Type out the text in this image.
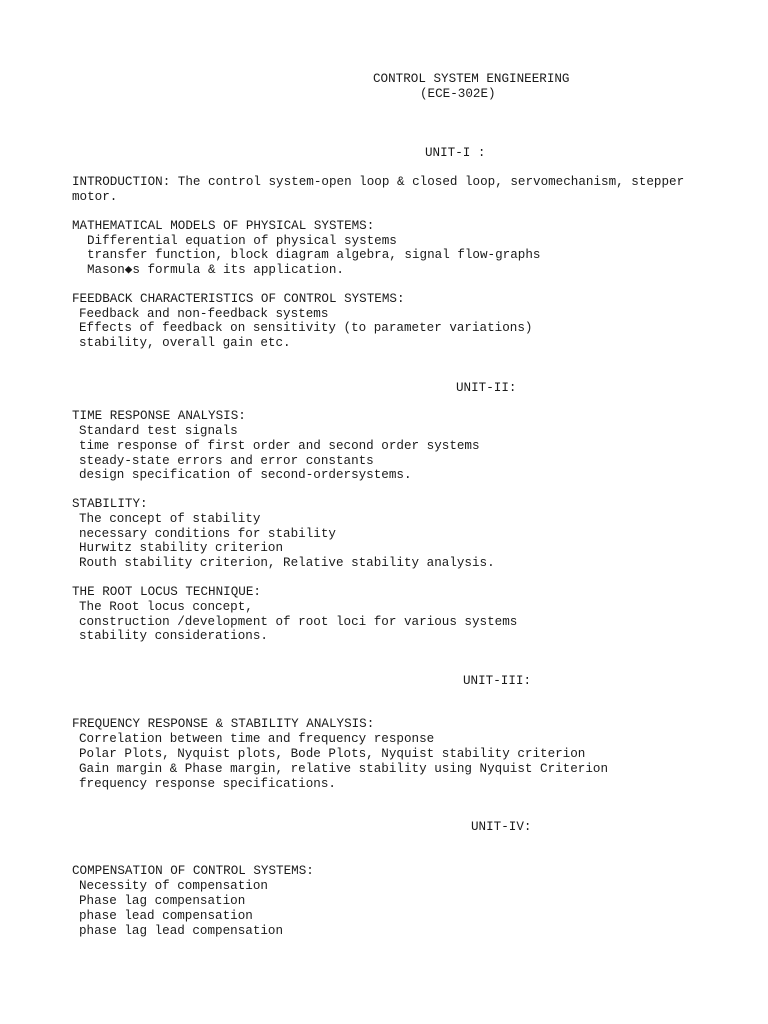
CONTROL SYSTEM ENGINEERING

(ECE-302E)

UNIT-I :

INTRODUCTION: The control system-open loop & closed loop, servomechanism, stepper

motor.

MATHEMATICAL MODELS OF PHYSICAL SYSTEMS:

Differential equation of physical systems

transfer function, block diagram algebra, signal flow-graphs

Mason◆s formula & its application.

FEEDBACK CHARACTERISTICS OF CONTROL SYSTEMS:

Feedback and non-feedback systems

Effects of feedback on sensitivity (to parameter variations)

stability, overall gain etc.

UNIT-II:

TIME RESPONSE ANALYSIS:

Standard test signals

time response of first order and second order systems

steady-state errors and error constants

design specification of second-ordersystems.

STABILITY:

The concept of stability

necessary conditions for stability

Hurwitz stability criterion

Routh stability criterion, Relative stability analysis.

THE ROOT LOCUS TECHNIQUE:

The Root locus concept,

construction /development of root loci for various systems

stability considerations.

UNIT-III:

FREQUENCY RESPONSE & STABILITY ANALYSIS:

Correlation between time and frequency response

Polar Plots, Nyquist plots, Bode Plots, Nyquist stability criterion

Gain margin & Phase margin, relative stability using Nyquist Criterion

frequency response specifications.

UNIT-IV:

COMPENSATION OF CONTROL SYSTEMS:

Necessity of compensation

Phase lag compensation

phase lead compensation

phase lag lead compensation
